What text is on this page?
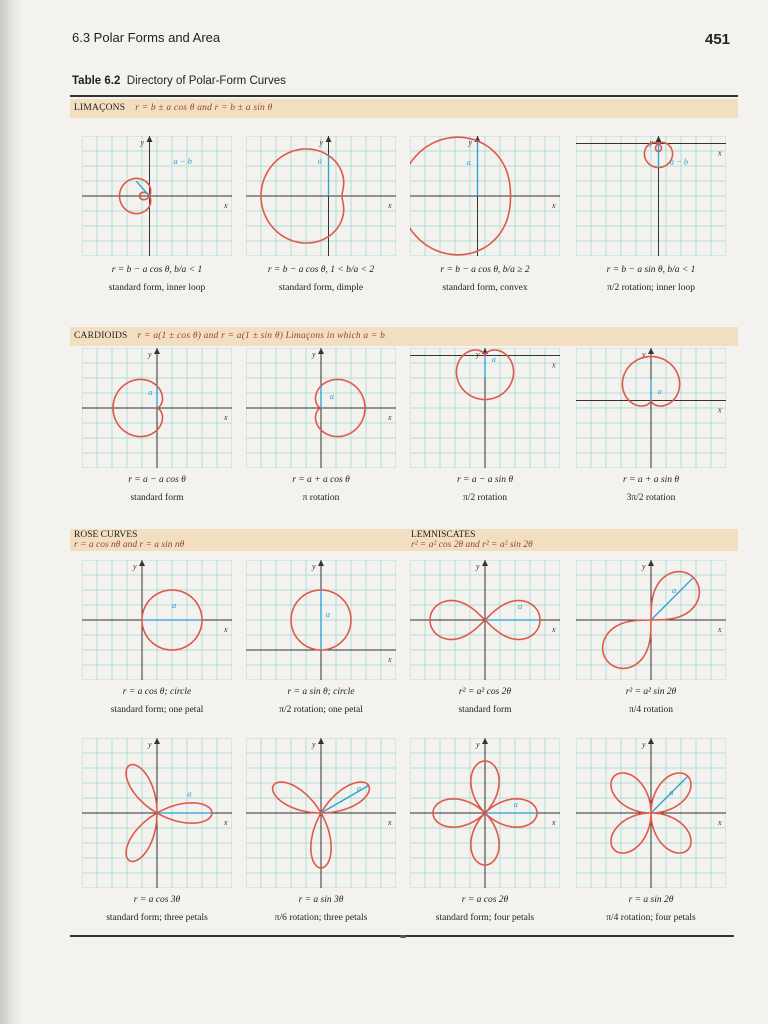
6.3 Polar Forms and Area	451
Table 6.2 Directory of Polar-Form Curves
LIMAÇONS r = b ± a cos θ and r = b ± a sin θ
CARDIOIDS r = a(1 ± cos θ) and r = a(1 ± sin θ) Limaçons in which a = b
ROSE CURVES
r = a cos nθ and r = a sin nθ
LEMNISCATES
r² = a² cos 2θ and r² = a² sin 2θ
x
y
a − b
r = b − a cos θ, b/a < 1
standard form, inner loop
x
y
a
r = b − a cos θ, 1 < b/a < 2
standard form, dimple
x
y
a
r = b − a cos θ, b/a ≥ 2
standard form, convex
x
y
a − b
r = b − a sin θ, b/a < 1
π/2 rotation; inner loop
x
y
a
r = a − a cos θ
standard form
x
y
a
r = a + a cos θ
π rotation
x
y a
r = a − a sin θ
π/2 rotation
x
y
a
r = a + a sin θ
3π/2 rotation
x
y
a
r = a cos θ; circle
standard form; one petal
x
y
a
r = a sin θ; circle
π/2 rotation; one petal
x
y
a
r² = a² cos 2θ
standard form
x
y
a
r² = a² sin 2θ
π/4 rotation
x
y
a
r = a cos 3θ
standard form; three petals
x
y
a
r = a sin 3θ
π/6 rotation; three petals
x
y
a
r = a cos 2θ
standard form; four petals
x
y
a
r = a sin 2θ
π/4 rotation; four petals
